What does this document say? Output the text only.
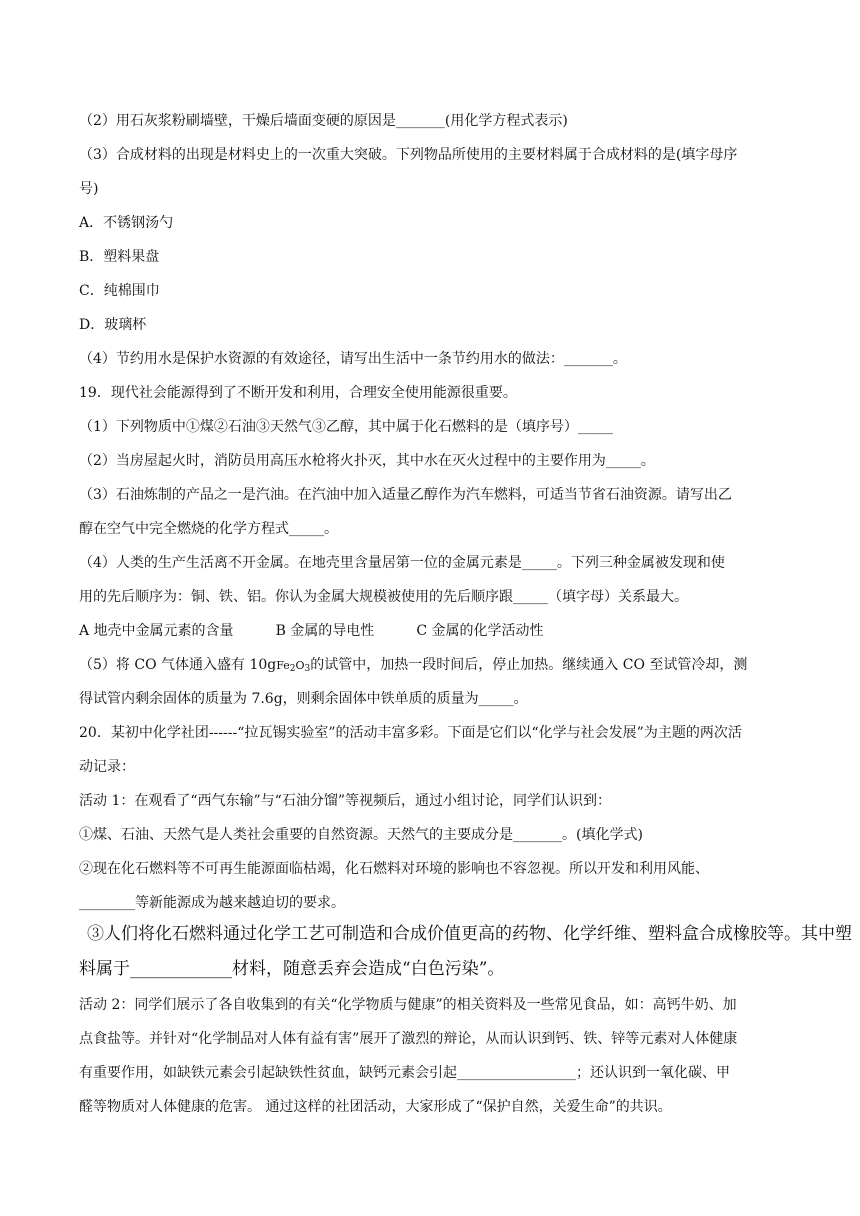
（2）用石灰浆粉刷墙壁，干燥后墙面变硬的原因是_______(用化学方程式表示)
（3）合成材料的出现是材料史上的一次重大突破。下列物品所使用的主要材料属于合成材料的是(填字母序
号)
A．不锈钢汤勺
B．塑料果盘
C．纯棉围巾
D．玻璃杯
（4）节约用水是保护水资源的有效途径，请写出生活中一条节约用水的做法：_______。
19．现代社会能源得到了不断开发和利用，合理安全使用能源很重要。
（1）下列物质中①煤②石油③天然气③乙醇，其中属于化石燃料的是（填序号）_____
（2）当房屋起火时，消防员用高压水枪将火扑灭，其中水在灭火过程中的主要作用为_____。
（3）石油炼制的产品之一是汽油。在汽油中加入适量乙醇作为汽车燃料，可适当节省石油资源。请写出乙
醇在空气中完全燃烧的化学方程式_____。
（4）人类的生产生活离不开金属。在地壳里含量居第一位的金属元素是_____。下列三种金属被发现和使
用的先后顺序为：铜、铁、铝。你认为金属大规模被使用的先后顺序跟_____（填字母）关系最大。
A 地壳中金属元素的含量	B 金属的导电性	C 金属的化学活动性
（5）将 CO 气体通入盛有 $10gFe_2O_3$的试管中，加热一段时间后，停止加热。继续通入 CO 至试管冷却，测
得试管内剩余固体的质量为 7.6g，则剩余固体中铁单质的质量为_____。
20．某初中化学社团------“拉瓦锡实验室”的活动丰富多彩。下面是它们以“化学与社会发展”为主题的两次活
动记录：
活动 1：在观看了“西气东输”与“石油分馏”等视频后，通过小组讨论，同学们认识到：
①煤、石油、天然气是人类社会重要的自然资源。天然气的主要成分是_______。(填化学式)
②现在化石燃料等不可再生能源面临枯竭，化石燃料对环境的影响也不容忽视。所以开发和利用风能、
________等新能源成为越来越迫切的要求。
③人们将化石燃料通过化学工艺可制造和合成价值更高的药物、化学纤维、塑料盒合成橡胶等。其中塑
料属于____________材料，随意丢弃会造成“白色污染”。
活动 2：同学们展示了各自收集到的有关“化学物质与健康”的相关资料及一些常见食品，如：高钙牛奶、加
点食盐等。并针对“化学制品对人体有益有害”展开了激烈的辩论，从而认识到钙、铁、锌等元素对人体健康
有重要作用，如缺铁元素会引起缺铁性贫血，缺钙元素会引起_________________；还认识到一氧化碳、甲
醛等物质对人体健康的危害。 通过这样的社团活动，大家形成了“保护自然，关爱生命”的共识。
